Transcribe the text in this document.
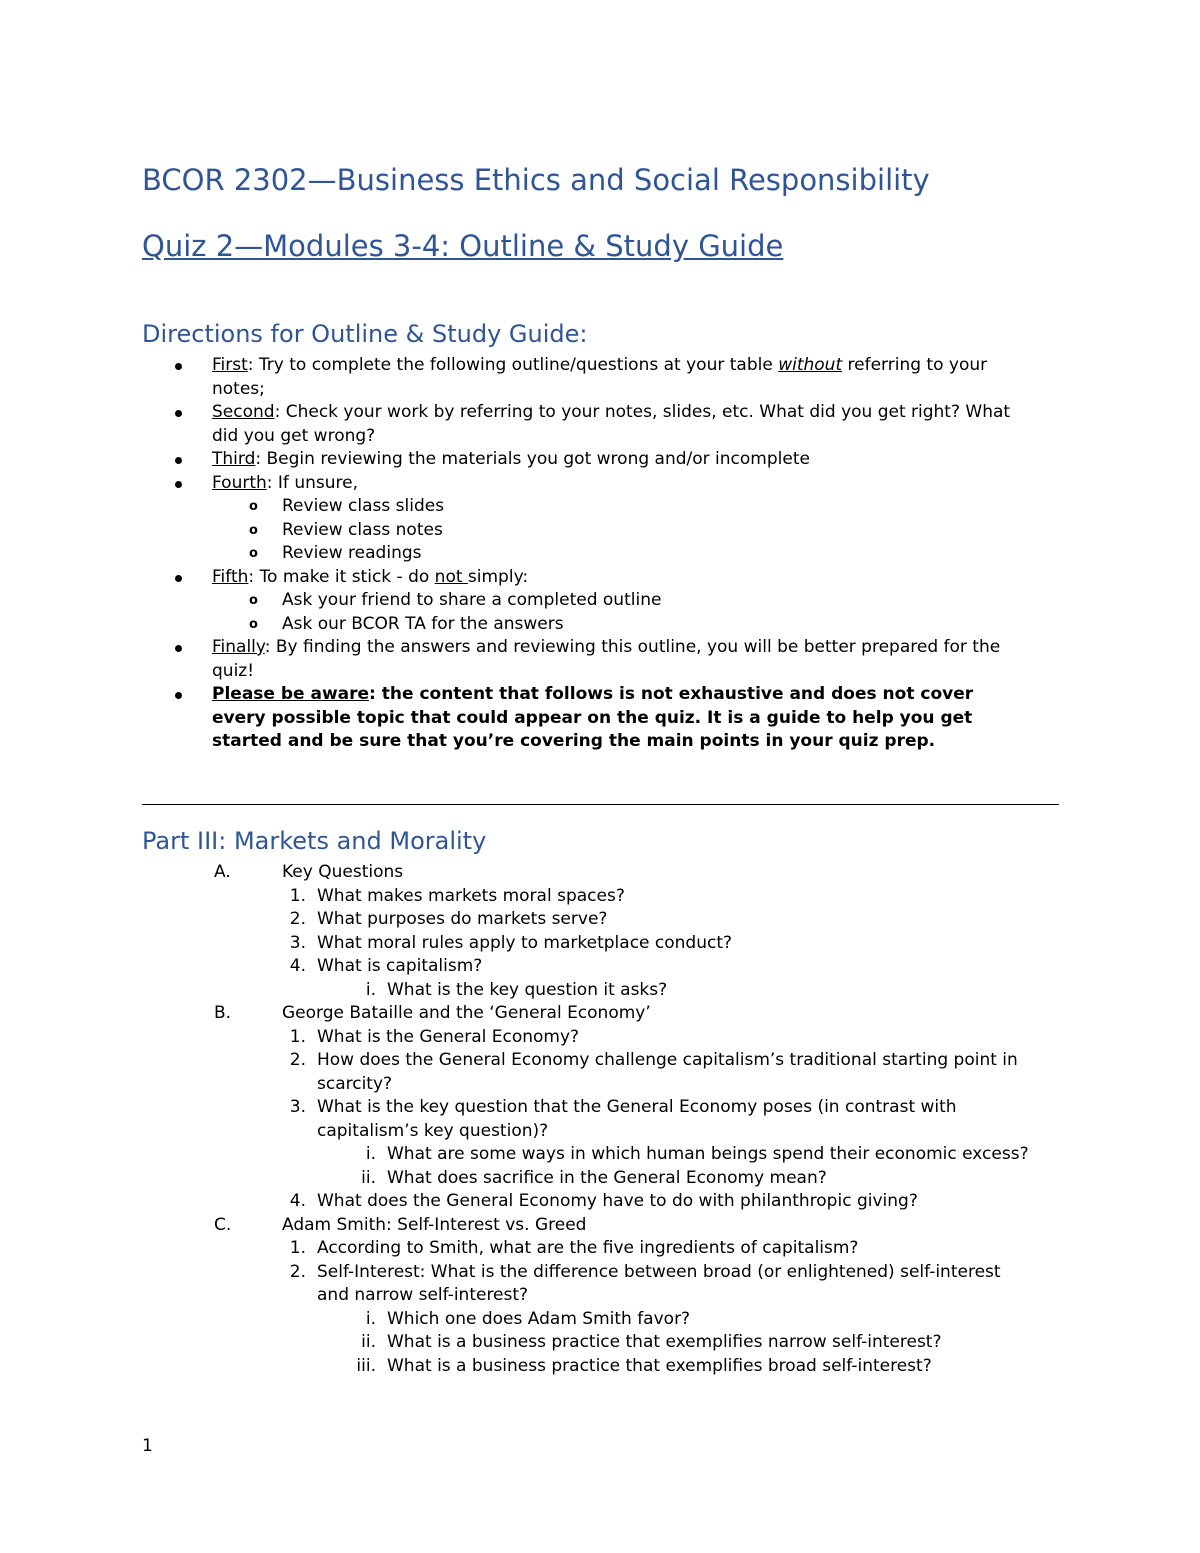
BCOR 2302—Business Ethics and Social Responsibility
Quiz 2—Modules 3-4: Outline & Study Guide
Directions for Outline & Study Guide:
First: Try to complete the following outline/questions at your table without referring to your
notes;
Second: Check your work by referring to your notes, slides, etc. What did you get right? What
did you get wrong?
Third: Begin reviewing the materials you got wrong and/or incomplete
Fourth: If unsure,
o Review class slides
o Review class notes
o Review readings
Fifth: To make it stick - do not simply:
o Ask your friend to share a completed outline
o Ask our BCOR TA for the answers
Finally: By finding the answers and reviewing this outline, you will be better prepared for the
quiz!
Please be aware: the content that follows is not exhaustive and does not cover
every possible topic that could appear on the quiz. It is a guide to help you get
started and be sure that you’re covering the main points in your quiz prep.
Part III: Markets and Morality
A.	Key Questions
1. What makes markets moral spaces?
2. What purposes do markets serve?
3. What moral rules apply to marketplace conduct?
4. What is capitalism?
i. What is the key question it asks?
B.	George Bataille and the ‘General Economy’
1. What is the General Economy?
2. How does the General Economy challenge capitalism’s traditional starting point in
scarcity?
3. What is the key question that the General Economy poses (in contrast with
capitalism’s key question)?
i. What are some ways in which human beings spend their economic excess?
ii. What does sacrifice in the General Economy mean?
4. What does the General Economy have to do with philanthropic giving?
C.	Adam Smith: Self-Interest vs. Greed
1. According to Smith, what are the five ingredients of capitalism?
2. Self-Interest: What is the difference between broad (or enlightened) self-interest
and narrow self-interest?
i. Which one does Adam Smith favor?
ii. What is a business practice that exemplifies narrow self-interest?
iii. What is a business practice that exemplifies broad self-interest?
1
